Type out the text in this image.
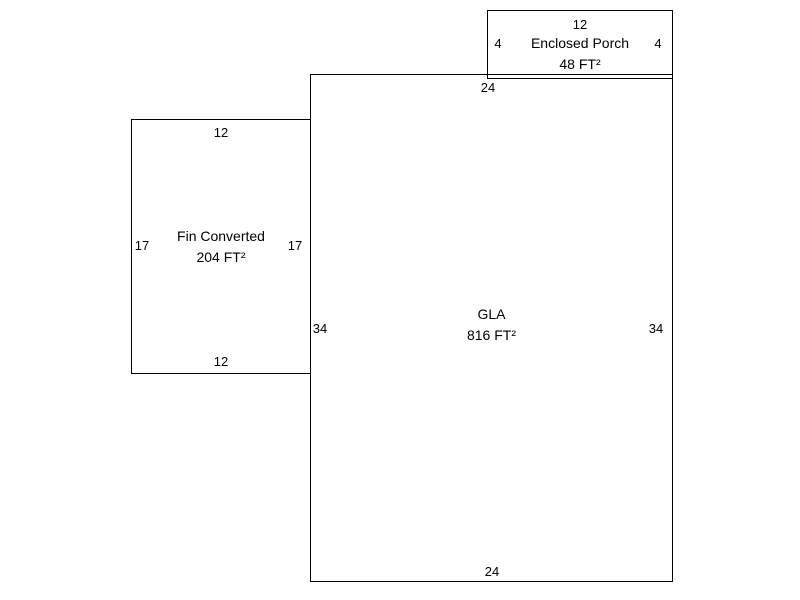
Enclosed Porch
48 FT²
12
4	4
24
Fin Converted
204 FT²
12
17	17
12
GLA
816 FT²
34	34
24
